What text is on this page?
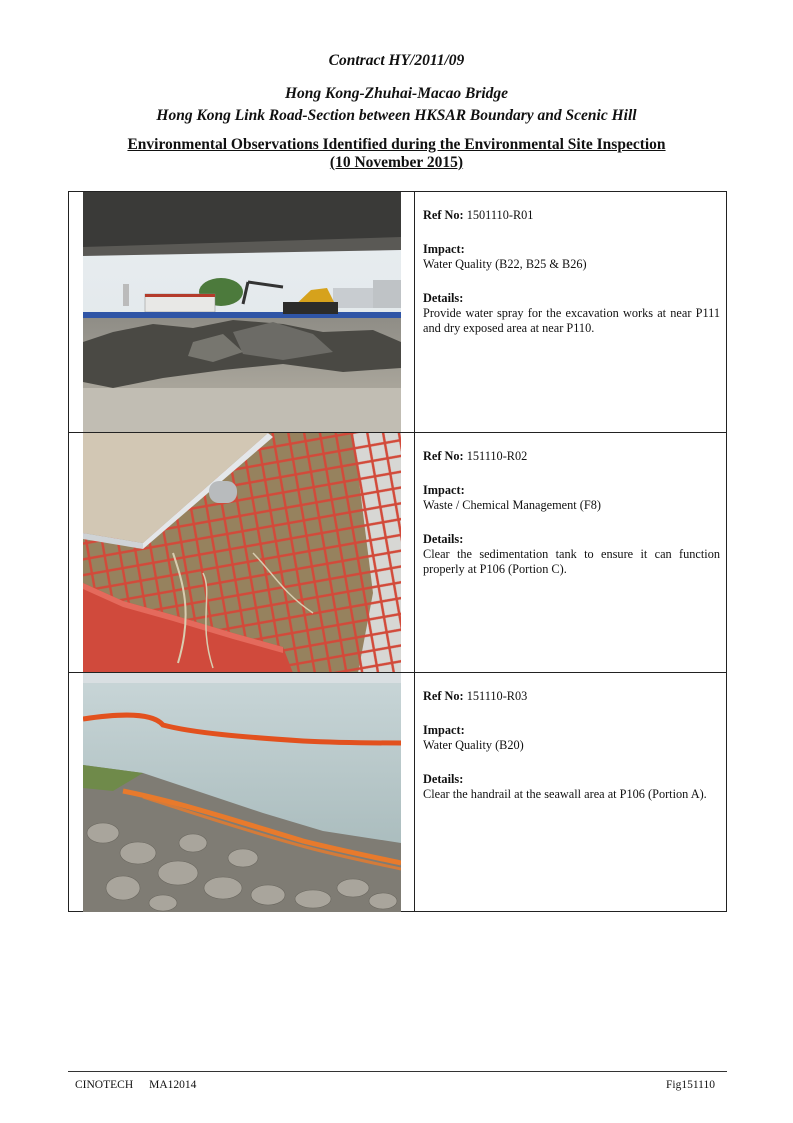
Contract HY/2011/09
Hong Kong-Zhuhai-Macao Bridge
Hong Kong Link Road-Section between HKSAR Boundary and Scenic Hill
Environmental Observations Identified during the Environmental Site Inspection
(10 November 2015)
Ref No: 1501110-R01
Impact:
Water Quality (B22, B25 & B26)
Details:
Provide water spray for the excavation works at near P111 and dry exposed area at near P110.
Ref No: 151110-R02
Impact:
Waste / Chemical Management (F8)
Details:
Clear the sedimentation tank to ensure it can function properly at P106 (Portion C).
Ref No: 151110-R03
Impact:
Water Quality (B20)
Details:
Clear the handrail at the seawall area at P106 (Portion A).
CINOTECH MA12014	Fig151110
